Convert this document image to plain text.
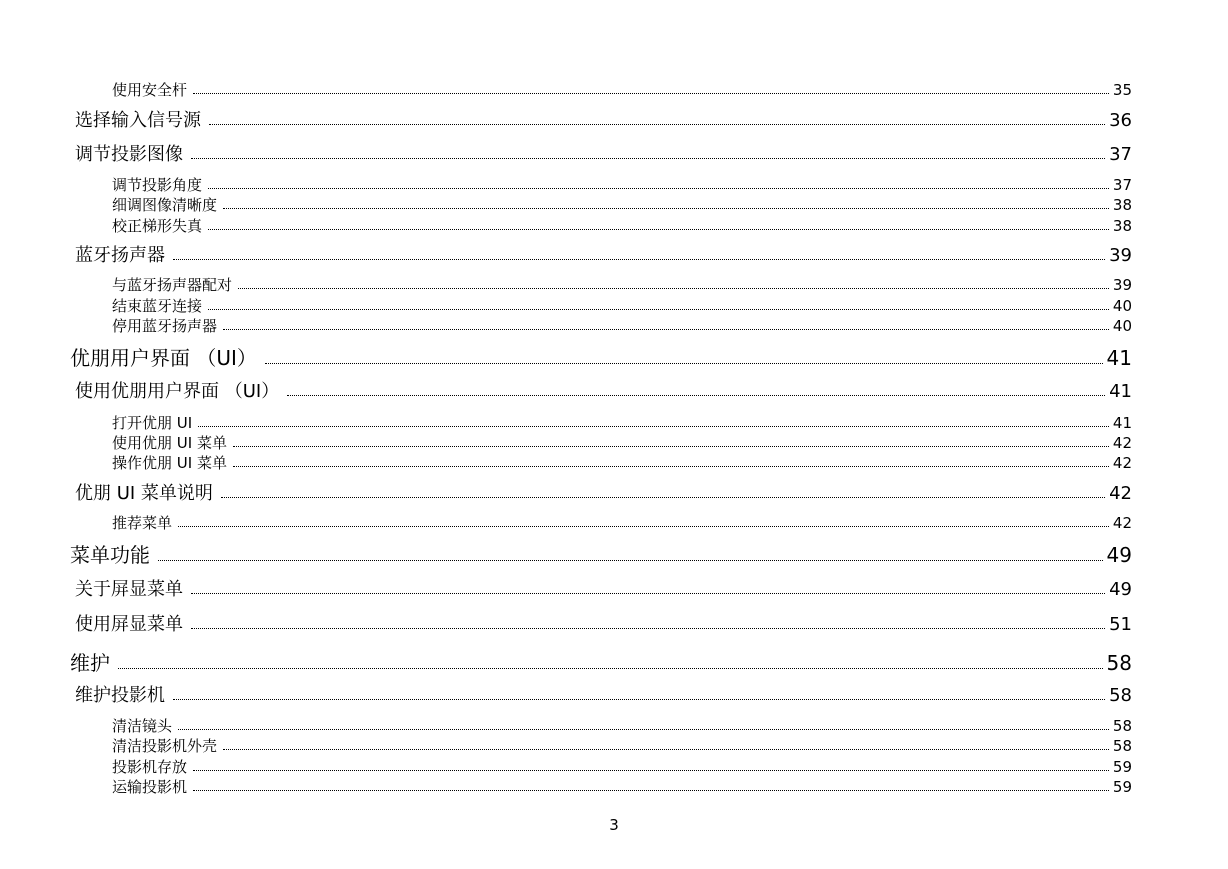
使用安全杆	35
选择输入信号源	36
调节投影图像	37
调节投影角度	37
细调图像清晰度	38
校正梯形失真	38
蓝牙扬声器	39
与蓝牙扬声器配对	39
结束蓝牙连接	40
停用蓝牙扬声器	40
优朋用户界面 （UI）	41
使用优朋用户界面 （UI）	41
打开优朋 UI	41
使用优朋 UI 菜单	42
操作优朋 UI 菜单	42
优朋 UI 菜单说明	42
推荐菜单	42
菜单功能	49
关于屏显菜单	49
使用屏显菜单	51
维护	58
维护投影机	58
清洁镜头	58
清洁投影机外壳	58
投影机存放	59
运输投影机	59
3
